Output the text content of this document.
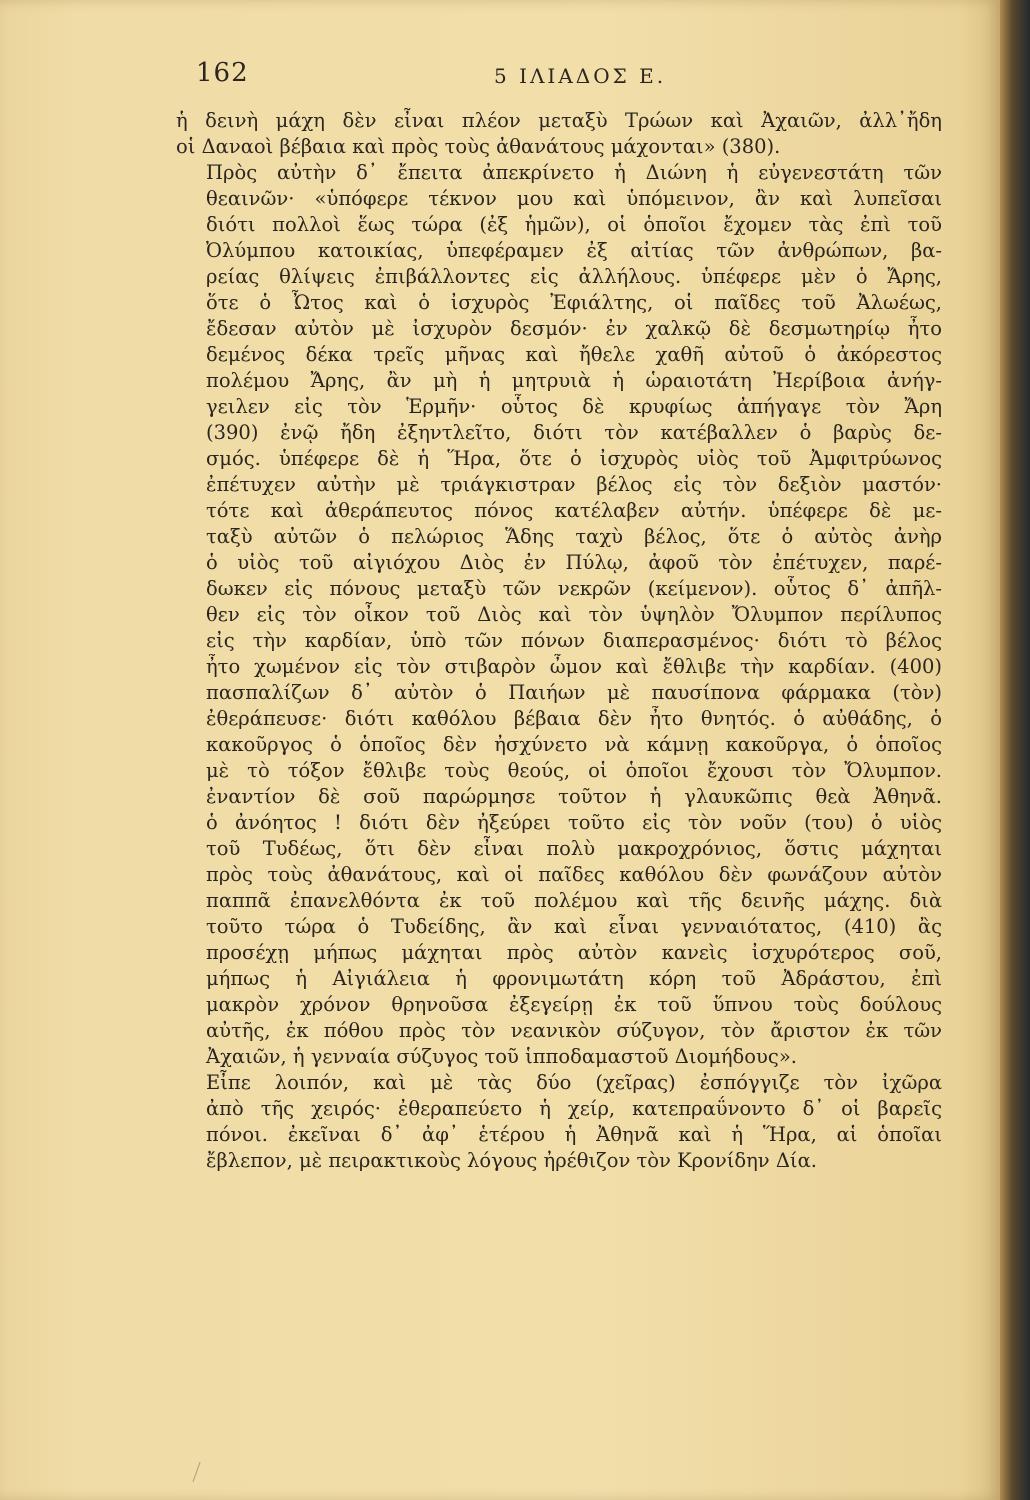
162	5 ΙΛΙΑΔΟΣ Ε.

ἡ δεινὴ μάχη δὲν εἶναι πλέον μεταξὺ Τρώων καὶ Ἀχαιῶν, ἀλλ᾽ἤδη
οἱ Δαναοὶ βέβαια καὶ πρὸς τοὺς ἀθανάτους μάχονται» (380).

Πρὸς αὐτὴν δ᾽ ἔπειτα ἀπεκρίνετο ἡ Διώνη ἡ εὐγενεστάτη τῶν
θεαινῶν· «ὑπόφερε τέκνον μου καὶ ὑπόμεινον, ἂν καὶ λυπεῖσαι
διότι πολλοὶ ἕως τώρα (ἐξ ἡμῶν), οἱ ὁποῖοι ἔχομεν τὰς ἐπὶ τοῦ
Ὀλύμπου κατοικίας, ὑπεφέραμεν ἐξ αἰτίας τῶν ἀνθρώπων, βα-
ρείας θλίψεις ἐπιβάλλοντες εἰς ἀλλήλους. ὑπέφερε μὲν ὁ Ἄρης,
ὅτε ὁ Ὦτος καὶ ὁ ἰσχυρὸς Ἐφιάλτης, οἱ παῖδες τοῦ Ἀλωέως,
ἔδεσαν αὐτὸν μὲ ἰσχυρὸν δεσμόν· ἐν χαλκῷ δὲ δεσμωτηρίῳ ἦτο
δεμένος δέκα τρεῖς μῆνας καὶ ἤθελε χαθῆ αὐτοῦ ὁ ἀκόρεστος
πολέμου Ἄρης, ἂν μὴ ἡ μητρυιὰ ἡ ὡραιοτάτη Ἠερίβοια ἀνήγ-
γειλεν εἰς τὸν Ἑρμῆν· οὗτος δὲ κρυφίως ἀπήγαγε τὸν Ἄρη
(390) ἐνῷ ἤδη ἐξηντλεῖτο, διότι τὸν κατέβαλλεν ὁ βαρὺς δε-
σμός. ὑπέφερε δὲ ἡ Ἥρα, ὅτε ὁ ἰσχυρὸς υἱὸς τοῦ Ἀμφιτρύωνος
ἐπέτυχεν αὐτὴν μὲ τριάγκιστραν βέλος εἰς τὸν δεξιὸν μαστόν·
τότε καὶ ἀθεράπευτος πόνος κατέλαβεν αὐτήν. ὑπέφερε δὲ με-
ταξὺ αὐτῶν ὁ πελώριος Ἅδης ταχὺ βέλος, ὅτε ὁ αὐτὸς ἀνὴρ
ὁ υἱὸς τοῦ αἰγιόχου Διὸς ἐν Πύλῳ, ἀφοῦ τὸν ἐπέτυχεν, παρέ-
δωκεν εἰς πόνους μεταξὺ τῶν νεκρῶν (κείμενον). οὗτος δ᾽ ἀπῆλ-
θεν εἰς τὸν οἶκον τοῦ Διὸς καὶ τὸν ὑψηλὸν Ὄλυμπον περίλυπος
εἰς τὴν καρδίαν, ὑπὸ τῶν πόνων διαπερασμένος· διότι τὸ βέλος
ἦτο χωμένον εἰς τὸν στιβαρὸν ὦμον καὶ ἔθλιβε τὴν καρδίαν. (400)
πασπαλίζων δ᾽ αὐτὸν ὁ Παιήων μὲ παυσίπονα φάρμακα (τὸν)
ἐθεράπευσε· διότι καθόλου βέβαια δὲν ἦτο θνητός. ὁ αὐθάδης, ὁ
κακοῦργος ὁ ὁποῖος δὲν ἠσχύνετο νὰ κάμνῃ κακοῦργα, ὁ ὁποῖος
μὲ τὸ τόξον ἔθλιβε τοὺς θεούς, οἱ ὁποῖοι ἔχουσι τὸν Ὄλυμπον.
ἐναντίον δὲ σοῦ παρώρμησε τοῦτον ἡ γλαυκῶπις θεὰ Ἀθηνᾶ.
ὁ ἀνόητος ! διότι δὲν ἠξεύρει τοῦτο εἰς τὸν νοῦν (του) ὁ υἱὸς
τοῦ Τυδέως, ὅτι δὲν εἶναι πολὺ μακροχρόνιος, ὅστις μάχηται
πρὸς τοὺς ἀθανάτους, καὶ οἱ παῖδες καθόλου δὲν φωνάζουν αὐτὸν
παππᾶ ἐπανελθόντα ἐκ τοῦ πολέμου καὶ τῆς δεινῆς μάχης. διὰ
τοῦτο τώρα ὁ Τυδείδης, ἂν καὶ εἶναι γενναιότατος, (410) ἂς
προσέχῃ μήπως μάχηται πρὸς αὐτὸν κανεὶς ἰσχυρότερος σοῦ,
μήπως ἡ Αἰγιάλεια ἡ φρονιμωτάτη κόρη τοῦ Ἀδράστου, ἐπὶ
μακρὸν χρόνον θρηνοῦσα ἐξεγείρῃ ἐκ τοῦ ὕπνου τοὺς δούλους
αὐτῆς, ἐκ πόθου πρὸς τὸν νεανικὸν σύζυγον, τὸν ἄριστον ἐκ τῶν
Ἀχαιῶν, ἡ γενναία σύζυγος τοῦ ἱπποδαμαστοῦ Διομήδους».

Εἶπε λοιπόν, καὶ μὲ τὰς δύο (χεῖρας) ἐσπόγγιζε τὸν ἰχῶρα
ἀπὸ τῆς χειρός· ἐθεραπεύετο ἡ χείρ, κατεπραΰνοντο δ᾽ οἱ βαρεῖς
πόνοι. ἐκεῖναι δ᾽ ἀφ᾽ ἑτέρου ἡ Ἀθηνᾶ καὶ ἡ Ἥρα, αἱ ὁποῖαι
ἔβλεπον, μὲ πειρακτικοὺς λόγους ἠρέθιζον τὸν Κρονίδην Δία.
